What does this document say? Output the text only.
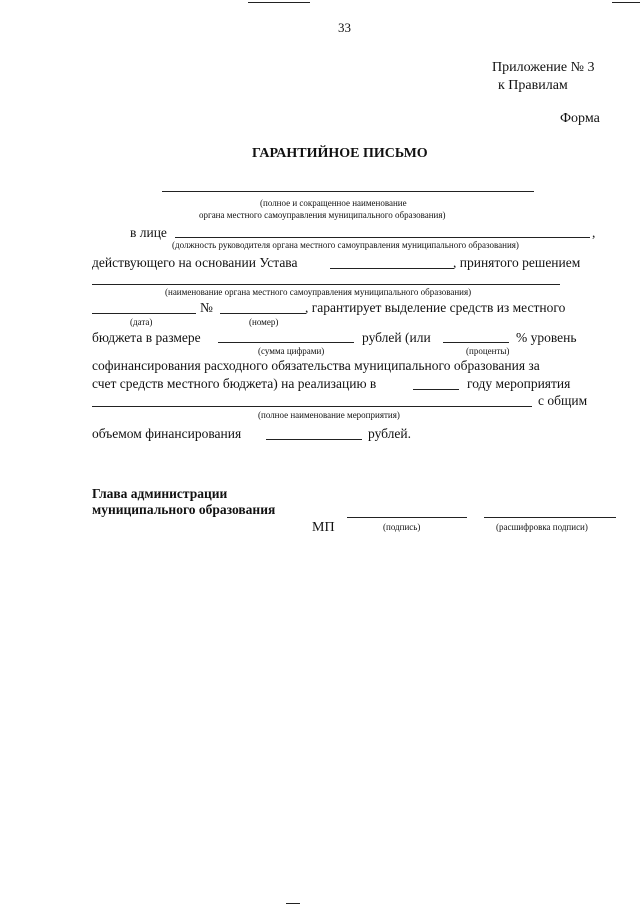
33
Приложение № 3
к Правилам
Форма
ГАРАНТИЙНОЕ ПИСЬМО
(полное и сокращенное наименование
органа местного самоуправления муниципального образования)
в лице	,
(должность руководителя органа местного самоуправления муниципального образования)
действующего на основании Устава	, принятого решением
(наименование органа местного самоуправления муниципального образования)
№	, гарантирует выделение средств из местного
(дата)	(номер)
бюджета в размере	рублей (или	% уровень
(сумма цифрами)	(проценты)
софинансирования расходного обязательства муниципального образования за
счет средств местного бюджета) на реализацию в	году мероприятия
с общим
(полное наименование мероприятия)
объемом финансирования	рублей.
Глава администрации
муниципального образования
МП	(подпись)	(расшифровка подписи)
